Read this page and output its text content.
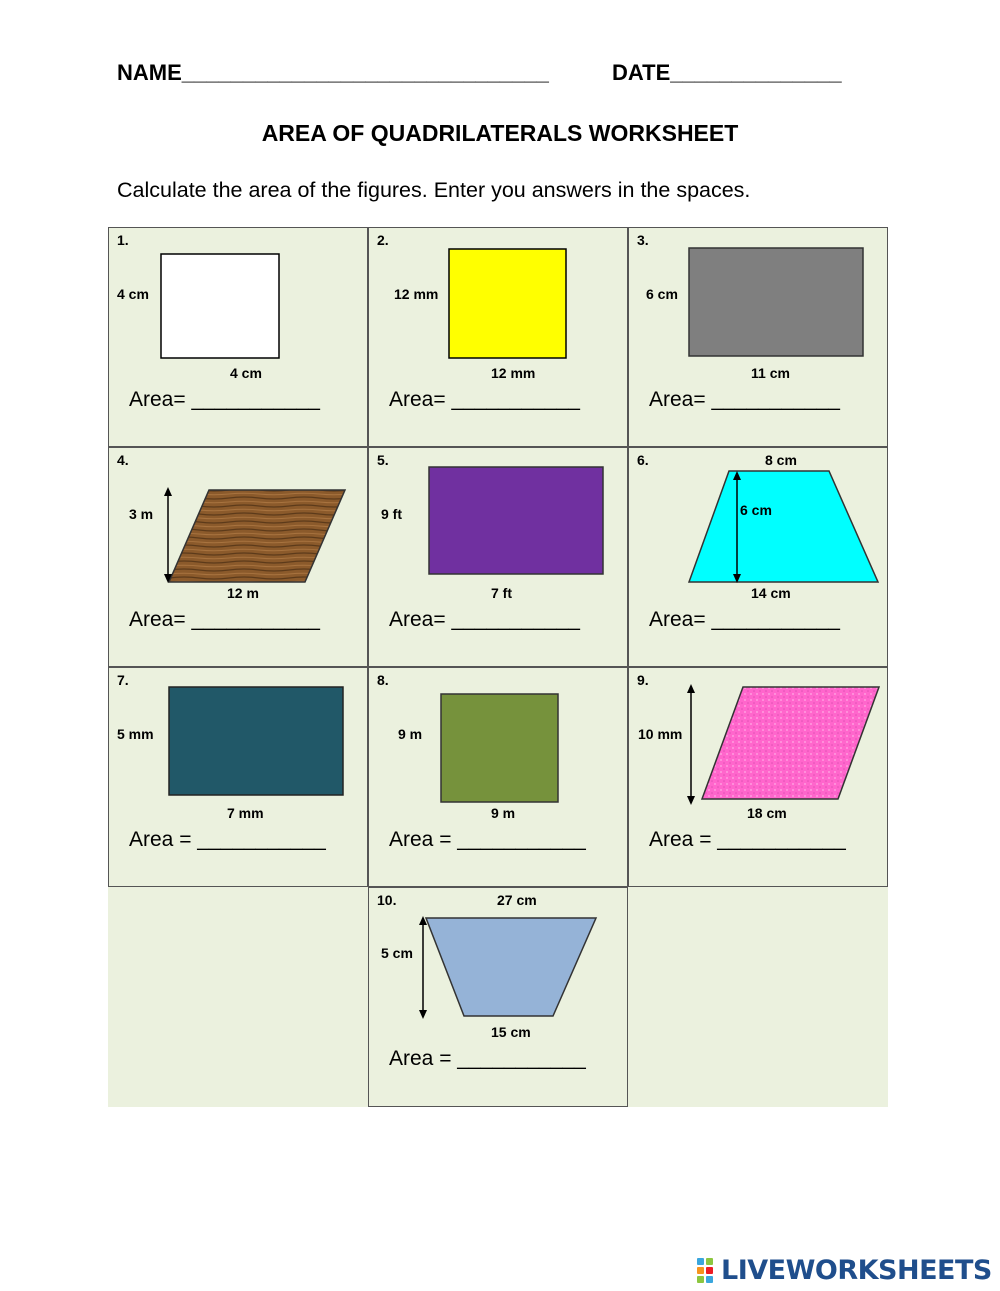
NAME______________________________	DATE______________
AREA OF QUADRILATERALS WORKSHEET
Calculate the area of the figures. Enter you answers in the spaces.
1.
4 cm
4 cm
Area= ___________
2.
12 mm
12 mm
Area= ___________
3.
6 cm
11 cm
Area= ___________
4.
3 m
12 m
Area= ___________
5.
9 ft
7 ft
Area= ___________
6.	8 cm
6 cm
14 cm
Area= ___________
7.
5 mm
7 mm
Area = ___________
8.
9 m
9 m
Area = ___________
9.
10 mm
18 cm
Area = ___________
10.	27 cm
5 cm
15 cm
Area = ___________
LIVEWORKSHEETS
